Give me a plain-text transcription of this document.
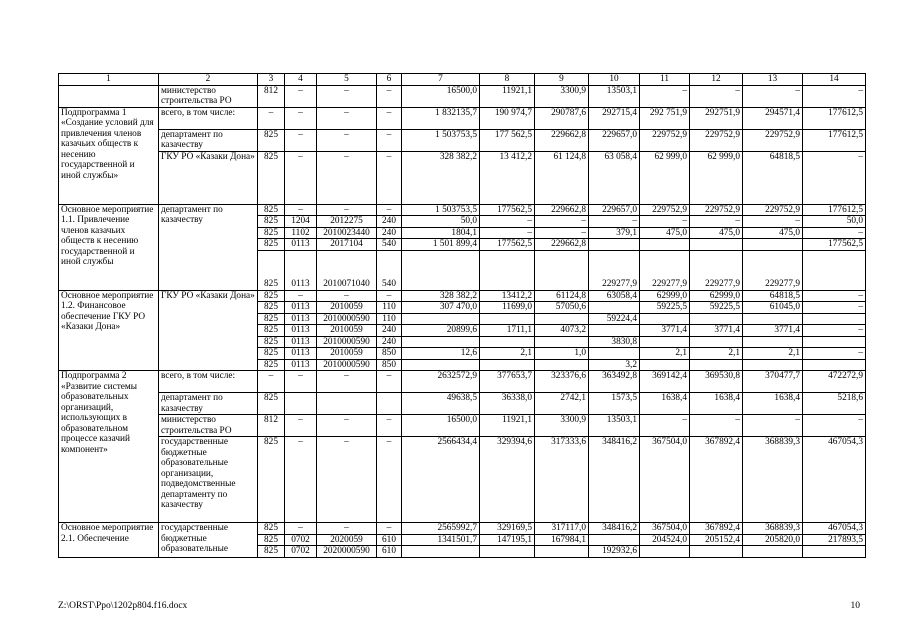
1	2	3	4	5	6	7	8	9	10	11	12	13	14
	министерство строительства РО	812	–	–	–	16500,0	11921,1	3300,9	13503,1	–	–	–	–
Подпрограмма 1 «Создание условий для привлечения членов казачьих обществ к несению государственной и иной службы»	всего, в том числе:	–	–	–	–	1 832135,7	190 974,7	290787,6	292715,4	292 751,9	292751,9	294571,4	177612,5
	департамент по казачеству	825	–	–	–	1 503753,5	177 562,5	229662,8	229657,0	229752,9	229752,9	229752,9	177612,5
	ГКУ РО «Казаки Дона»	825	–	–	–	328 382,2	13 412,2	61 124,8	63 058,4	62 999,0	62 999,0	64818,5	–
Основное мероприятие 1.1. Привлечение членов казачьих обществ к несению государственной и иной службы	департамент по казачеству	825	–	–	–	1 503753,5	177562,5	229662,8	229657,0	229752,9	229752,9	229752,9	177612,5
		825	1204	2012275	240	50,0	–	–	–	–	–	–	50,0
		825	1102	2010023440	240	1804,1	–	–	379,1	475,0	475,0	475,0	–
		825	0113	2017104	540	1 501 899,4	177562,5	229662,8					177562,5
		825	0113	2010071040	540				229277,9	229277,9	229277,9	229277,9	
Основное мероприятие 1.2. Финансовое обеспечение ГКУ РО «Казаки Дона»	ГКУ РО «Казаки Дона»	825	–	–	–	328 382,2	13412,2	61124,8	63058,4	62999,0	62999,0	64818,5	–
		825	0113	2010059	110	307 470,0	11699,0	57050,6		59225,5	59225,5	61045,0	–
		825	0113	2010000590	110				59224,4				
		825	0113	2010059	240	20899,6	1711,1	4073,2		3771,4	3771,4	3771,4	–
		825	0113	2010000590	240				3830,8				
		825	0113	2010059	850	12,6	2,1	1,0		2,1	2,1	2,1	–
		825	0113	2010000590	850				3,2				
Подпрограмма 2 «Развитие системы образовательных организаций, использующих в образовательном процессе казачий компонент»	всего, в том числе:	–	–	–	–	2632572,9	377653,7	323376,6	363492,8	369142,4	369530,8	370477,7	472272,9
	департамент по казачеству	825				49638,5	36338,0	2742,1	1573,5	1638,4	1638,4	1638,4	5218,6
	министерство строительства РО	812	–	–	–	16500,0	11921,1	3300,9	13503,1	–	–	–	–
	государственные бюджетные образовательные организации, подведомственные департаменту по казачеству	825	–	–	–	2566434,4	329394,6	317333,6	348416,2	367504,0	367892,4	368839,3	467054,3
Основное мероприятие 2.1. Обеспечение	государственные бюджетные образовательные	825	–	–	–	2565992,7	329169,5	317117,0	348416,2	367504,0	367892,4	368839,3	467054,3
		825	0702	2020059	610	1341501,7	147195,1	167984,1		204524,0	205152,4	205820,0	217893,5
		825	0702	2020000590	610				192932,6				
Z:\ORST\Ppo\1202p804.f16.docx	10
